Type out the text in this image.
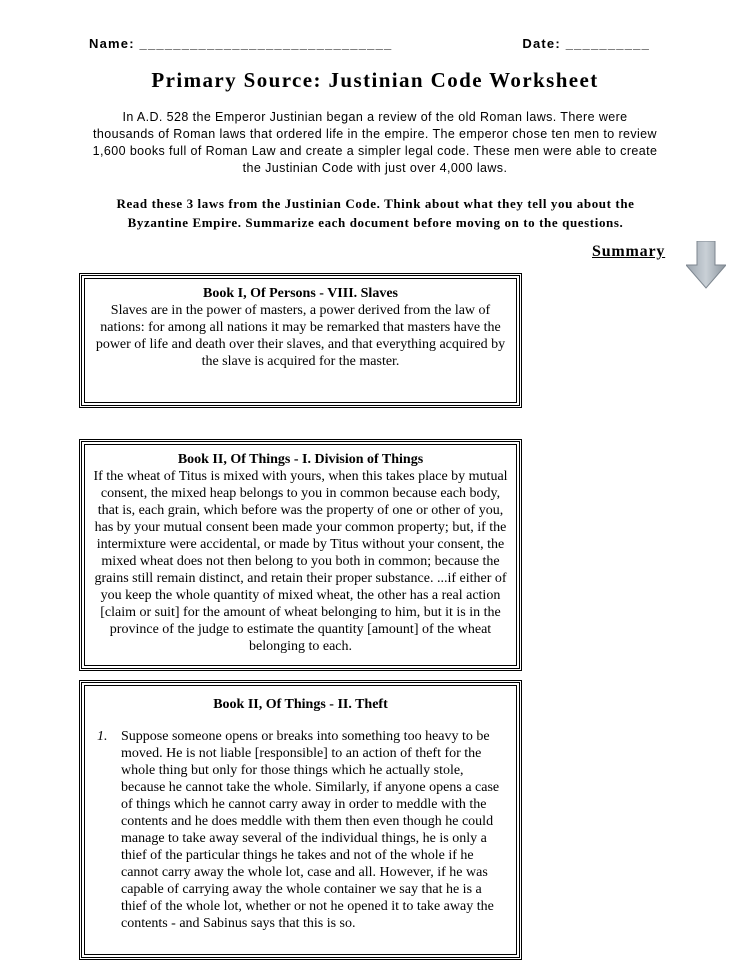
Name: ______________________________	Date: __________
Primary Source: Justinian Code Worksheet
In A.D. 528 the Emperor Justinian began a review of the old Roman laws. There were thousands of Roman laws that ordered life in the empire. The emperor chose ten men to review 1,600 books full of Roman Law and create a simpler legal code. These men were able to create the Justinian Code with just over 4,000 laws.
Read these 3 laws from the Justinian Code. Think about what they tell you about the Byzantine Empire. Summarize each document before moving on to the questions.
Summary
Book I, Of Persons - VIII. Slaves
Slaves are in the power of masters, a power derived from the law of nations: for among all nations it may be remarked that masters have the power of life and death over their slaves, and that everything acquired by the slave is acquired for the master.
Book II, Of Things - I. Division of Things
If the wheat of Titus is mixed with yours, when this takes place by mutual consent, the mixed heap belongs to you in common because each body, that is, each grain, which before was the property of one or other of you, has by your mutual consent been made your common property; but, if the intermixture were accidental, or made by Titus without your consent, the mixed wheat does not then belong to you both in common; because the grains still remain distinct, and retain their proper substance. ...if either of you keep the whole quantity of mixed wheat, the other has a real action [claim or suit] for the amount of wheat belonging to him, but it is in the province of the judge to estimate the quantity [amount] of the wheat belonging to each.
Book II, Of Things - II. Theft
1. Suppose someone opens or breaks into something too heavy to be moved. He is not liable [responsible] to an action of theft for the whole thing but only for those things which he actually stole, because he cannot take the whole. Similarly, if anyone opens a case of things which he cannot carry away in order to meddle with the contents and he does meddle with them then even though he could manage to take away several of the individual things, he is only a thief of the particular things he takes and not of the whole if he cannot carry away the whole lot, case and all. However, if he was capable of carrying away the whole container we say that he is a thief of the whole lot, whether or not he opened it to take away the contents - and Sabinus says that this is so.
